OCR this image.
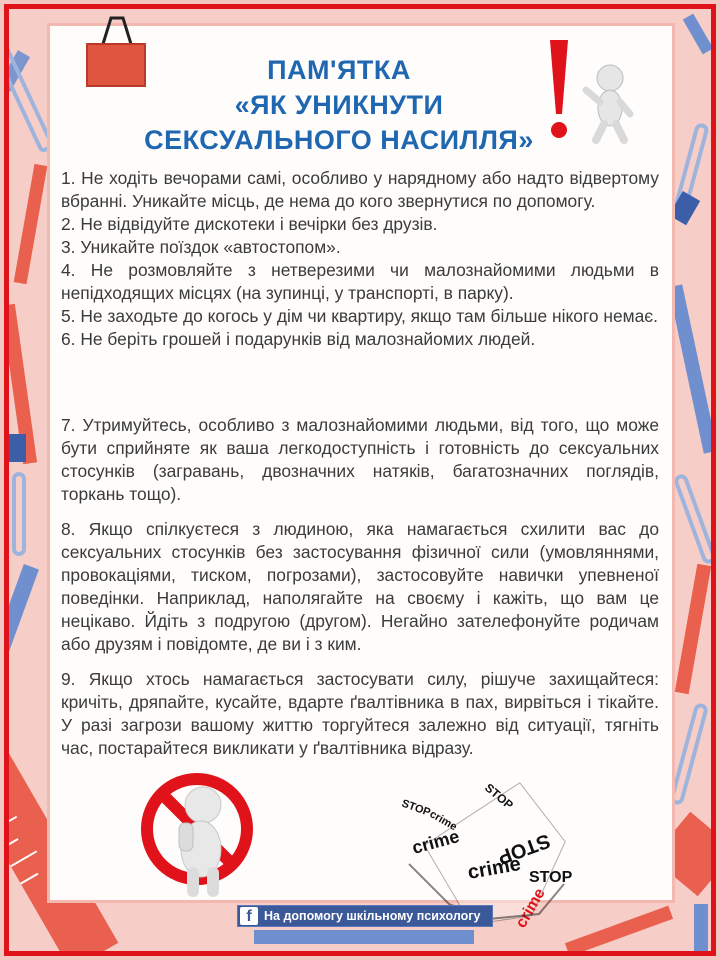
ПАМ'ЯТКА
«ЯК УНИКНУТИ
СЕКСУАЛЬНОГО НАСИЛЛЯ»
1. Не ходіть вечорами самі, особливо у нарядному або надто відвертому вбранні. Уникайте місць, де нема до кого звернутися по допомогу.
2. Не відвідуйте дискотеки і вечірки без друзів.
3. Уникайте поїздок «автостопом».
4. Не розмовляйте з нетверезими чи малознайомими людьми в непідходящих місцях (на зупинці, у транспорті, в парку).
5. Не заходьте до когось у дім чи квартиру, якщо там більше нікого немає.
6. Не беріть грошей і подарунків від малознайомих людей.
7. Утримуйтесь, особливо з малознайомими людьми, від того, що може бути сприйняте як ваша легкодоступність і готовність до сексуальних стосунків (загравань, двозначних натяків, багатозначних поглядів, торкань тощо).
8. Якщо спілкуєтеся з людиною, яка намагається схилити вас до сексуальних стосунків без застосування фізичної сили (умовляннями, провокаціями, тиском, погрозами), застосовуйте навички упевненої поведінки. Наприклад, наполягайте на своєму і кажіть, що вам це нецікаво. Йдіть з подругою (другом). Негайно зателефонуйте родичам або друзям і повідомте, де ви і з ким.
9. Якщо хтось намагається застосувати силу, рішуче захищайтеся: кричіть, дряпайте, кусайте, вдарте ґвалтівника в пах, вирвіться і тікайте. У разі загрози вашому життю торгуйтеся залежно від ситуації, тягніть час, постарайтеся викликати у ґвалтівника відразу.
STOP
crime
STOP
crime STOP
crime STOP
crime
f На допомогу шкільному психологу
